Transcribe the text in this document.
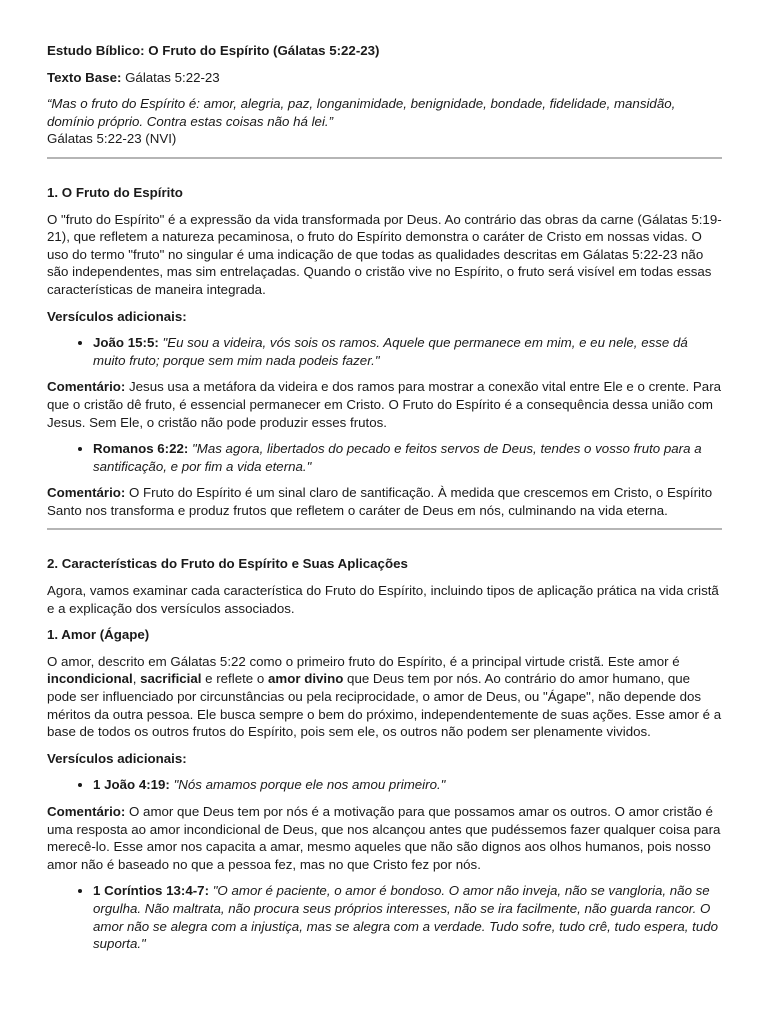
Estudo Bíblico: O Fruto do Espírito (Gálatas 5:22-23)

Texto Base: Gálatas 5:22-23

“Mas o fruto do Espírito é: amor, alegria, paz, longanimidade, benignidade, bondade, fidelidade, mansidão, domínio próprio. Contra estas coisas não há lei.”
Gálatas 5:22-23 (NVI)

1. O Fruto do Espírito

O "fruto do Espírito" é a expressão da vida transformada por Deus. Ao contrário das obras da carne (Gálatas 5:19-21), que refletem a natureza pecaminosa, o fruto do Espírito demonstra o caráter de Cristo em nossas vidas. O uso do termo "fruto" no singular é uma indicação de que todas as qualidades descritas em Gálatas 5:22-23 não são independentes, mas sim entrelaçadas. Quando o cristão vive no Espírito, o fruto será visível em todas essas características de maneira integrada.

Versículos adicionais:

• João 15:5: "Eu sou a videira, vós sois os ramos. Aquele que permanece em mim, e eu nele, esse dá muito fruto; porque sem mim nada podeis fazer."

Comentário: Jesus usa a metáfora da videira e dos ramos para mostrar a conexão vital entre Ele e o crente. Para que o cristão dê fruto, é essencial permanecer em Cristo. O Fruto do Espírito é a consequência dessa união com Jesus. Sem Ele, o cristão não pode produzir esses frutos.

• Romanos 6:22: "Mas agora, libertados do pecado e feitos servos de Deus, tendes o vosso fruto para a santificação, e por fim a vida eterna."

Comentário: O Fruto do Espírito é um sinal claro de santificação. À medida que crescemos em Cristo, o Espírito Santo nos transforma e produz frutos que refletem o caráter de Deus em nós, culminando na vida eterna.

2. Características do Fruto do Espírito e Suas Aplicações

Agora, vamos examinar cada característica do Fruto do Espírito, incluindo tipos de aplicação prática na vida cristã e a explicação dos versículos associados.

1. Amor (Ágape)

O amor, descrito em Gálatas 5:22 como o primeiro fruto do Espírito, é a principal virtude cristã. Este amor é incondicional, sacrificial e reflete o amor divino que Deus tem por nós. Ao contrário do amor humano, que pode ser influenciado por circunstâncias ou pela reciprocidade, o amor de Deus, ou "Ágape", não depende dos méritos da outra pessoa. Ele busca sempre o bem do próximo, independentemente de suas ações. Esse amor é a base de todos os outros frutos do Espírito, pois sem ele, os outros não podem ser plenamente vividos.

Versículos adicionais:

• 1 João 4:19: "Nós amamos porque ele nos amou primeiro."

Comentário: O amor que Deus tem por nós é a motivação para que possamos amar os outros. O amor cristão é uma resposta ao amor incondicional de Deus, que nos alcançou antes que pudéssemos fazer qualquer coisa para merecê-lo. Esse amor nos capacita a amar, mesmo aqueles que não são dignos aos olhos humanos, pois nosso amor não é baseado no que a pessoa fez, mas no que Cristo fez por nós.

• 1 Coríntios 13:4-7: "O amor é paciente, o amor é bondoso. O amor não inveja, não se vangloria, não se orgulha. Não maltrata, não procura seus próprios interesses, não se ira facilmente, não guarda rancor. O amor não se alegra com a injustiça, mas se alegra com a verdade. Tudo sofre, tudo crê, tudo espera, tudo suporta."
